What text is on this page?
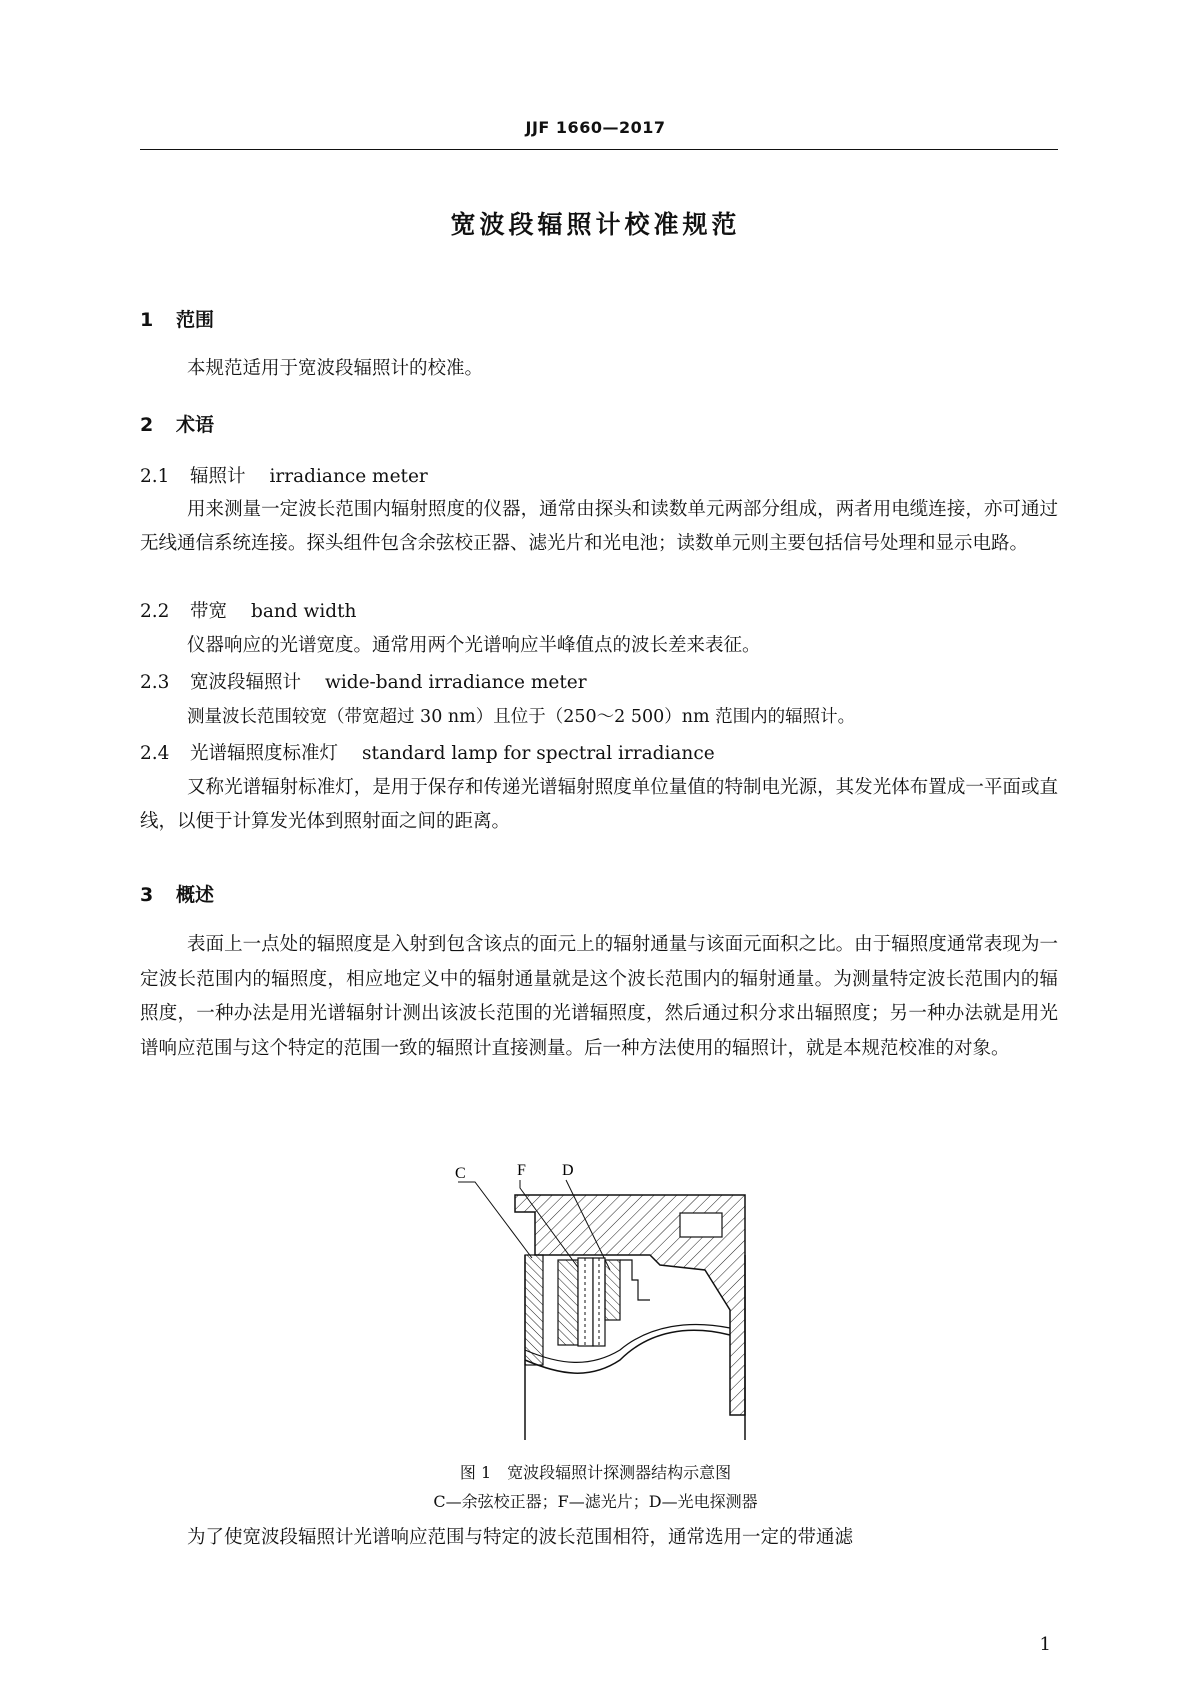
JJF 1660—2017
宽波段辐照计校准规范
1 范围
本规范适用于宽波段辐照计的校准。
2 术语
2.1 辐照计 irradiance meter
用来测量一定波长范围内辐射照度的仪器，通常由探头和读数单元两部分组成，两者用电缆连接，亦可通过无线通信系统连接。探头组件包含余弦校正器、滤光片和光电池；读数单元则主要包括信号处理和显示电路。
2.2 带宽 band width
仪器响应的光谱宽度。通常用两个光谱响应半峰值点的波长差来表征。
2.3 宽波段辐照计 wide-band irradiance meter
测量波长范围较宽（带宽超过 30 nm）且位于（250～2 500）nm 范围内的辐照计。
2.4 光谱辐照度标准灯 standard lamp for spectral irradiance
又称光谱辐射标准灯，是用于保存和传递光谱辐射照度单位量值的特制电光源，其发光体布置成一平面或直线，以便于计算发光体到照射面之间的距离。
3 概述
表面上一点处的辐照度是入射到包含该点的面元上的辐射通量与该面元面积之比。由于辐照度通常表现为一定波长范围内的辐照度，相应地定义中的辐射通量就是这个波长范围内的辐射通量。为测量特定波长范围内的辐照度，一种办法是用光谱辐射计测出该波长范围的光谱辐照度，然后通过积分求出辐照度；另一种办法就是用光谱响应范围与这个特定的范围一致的辐照计直接测量。后一种方法使用的辐照计，就是本规范校准的对象。
C	F D
图 1　宽波段辐照计探测器结构示意图
C—余弦校正器；F—滤光片；D—光电探测器
为了使宽波段辐照计光谱响应范围与特定的波长范围相符，通常选用一定的带通滤
1
